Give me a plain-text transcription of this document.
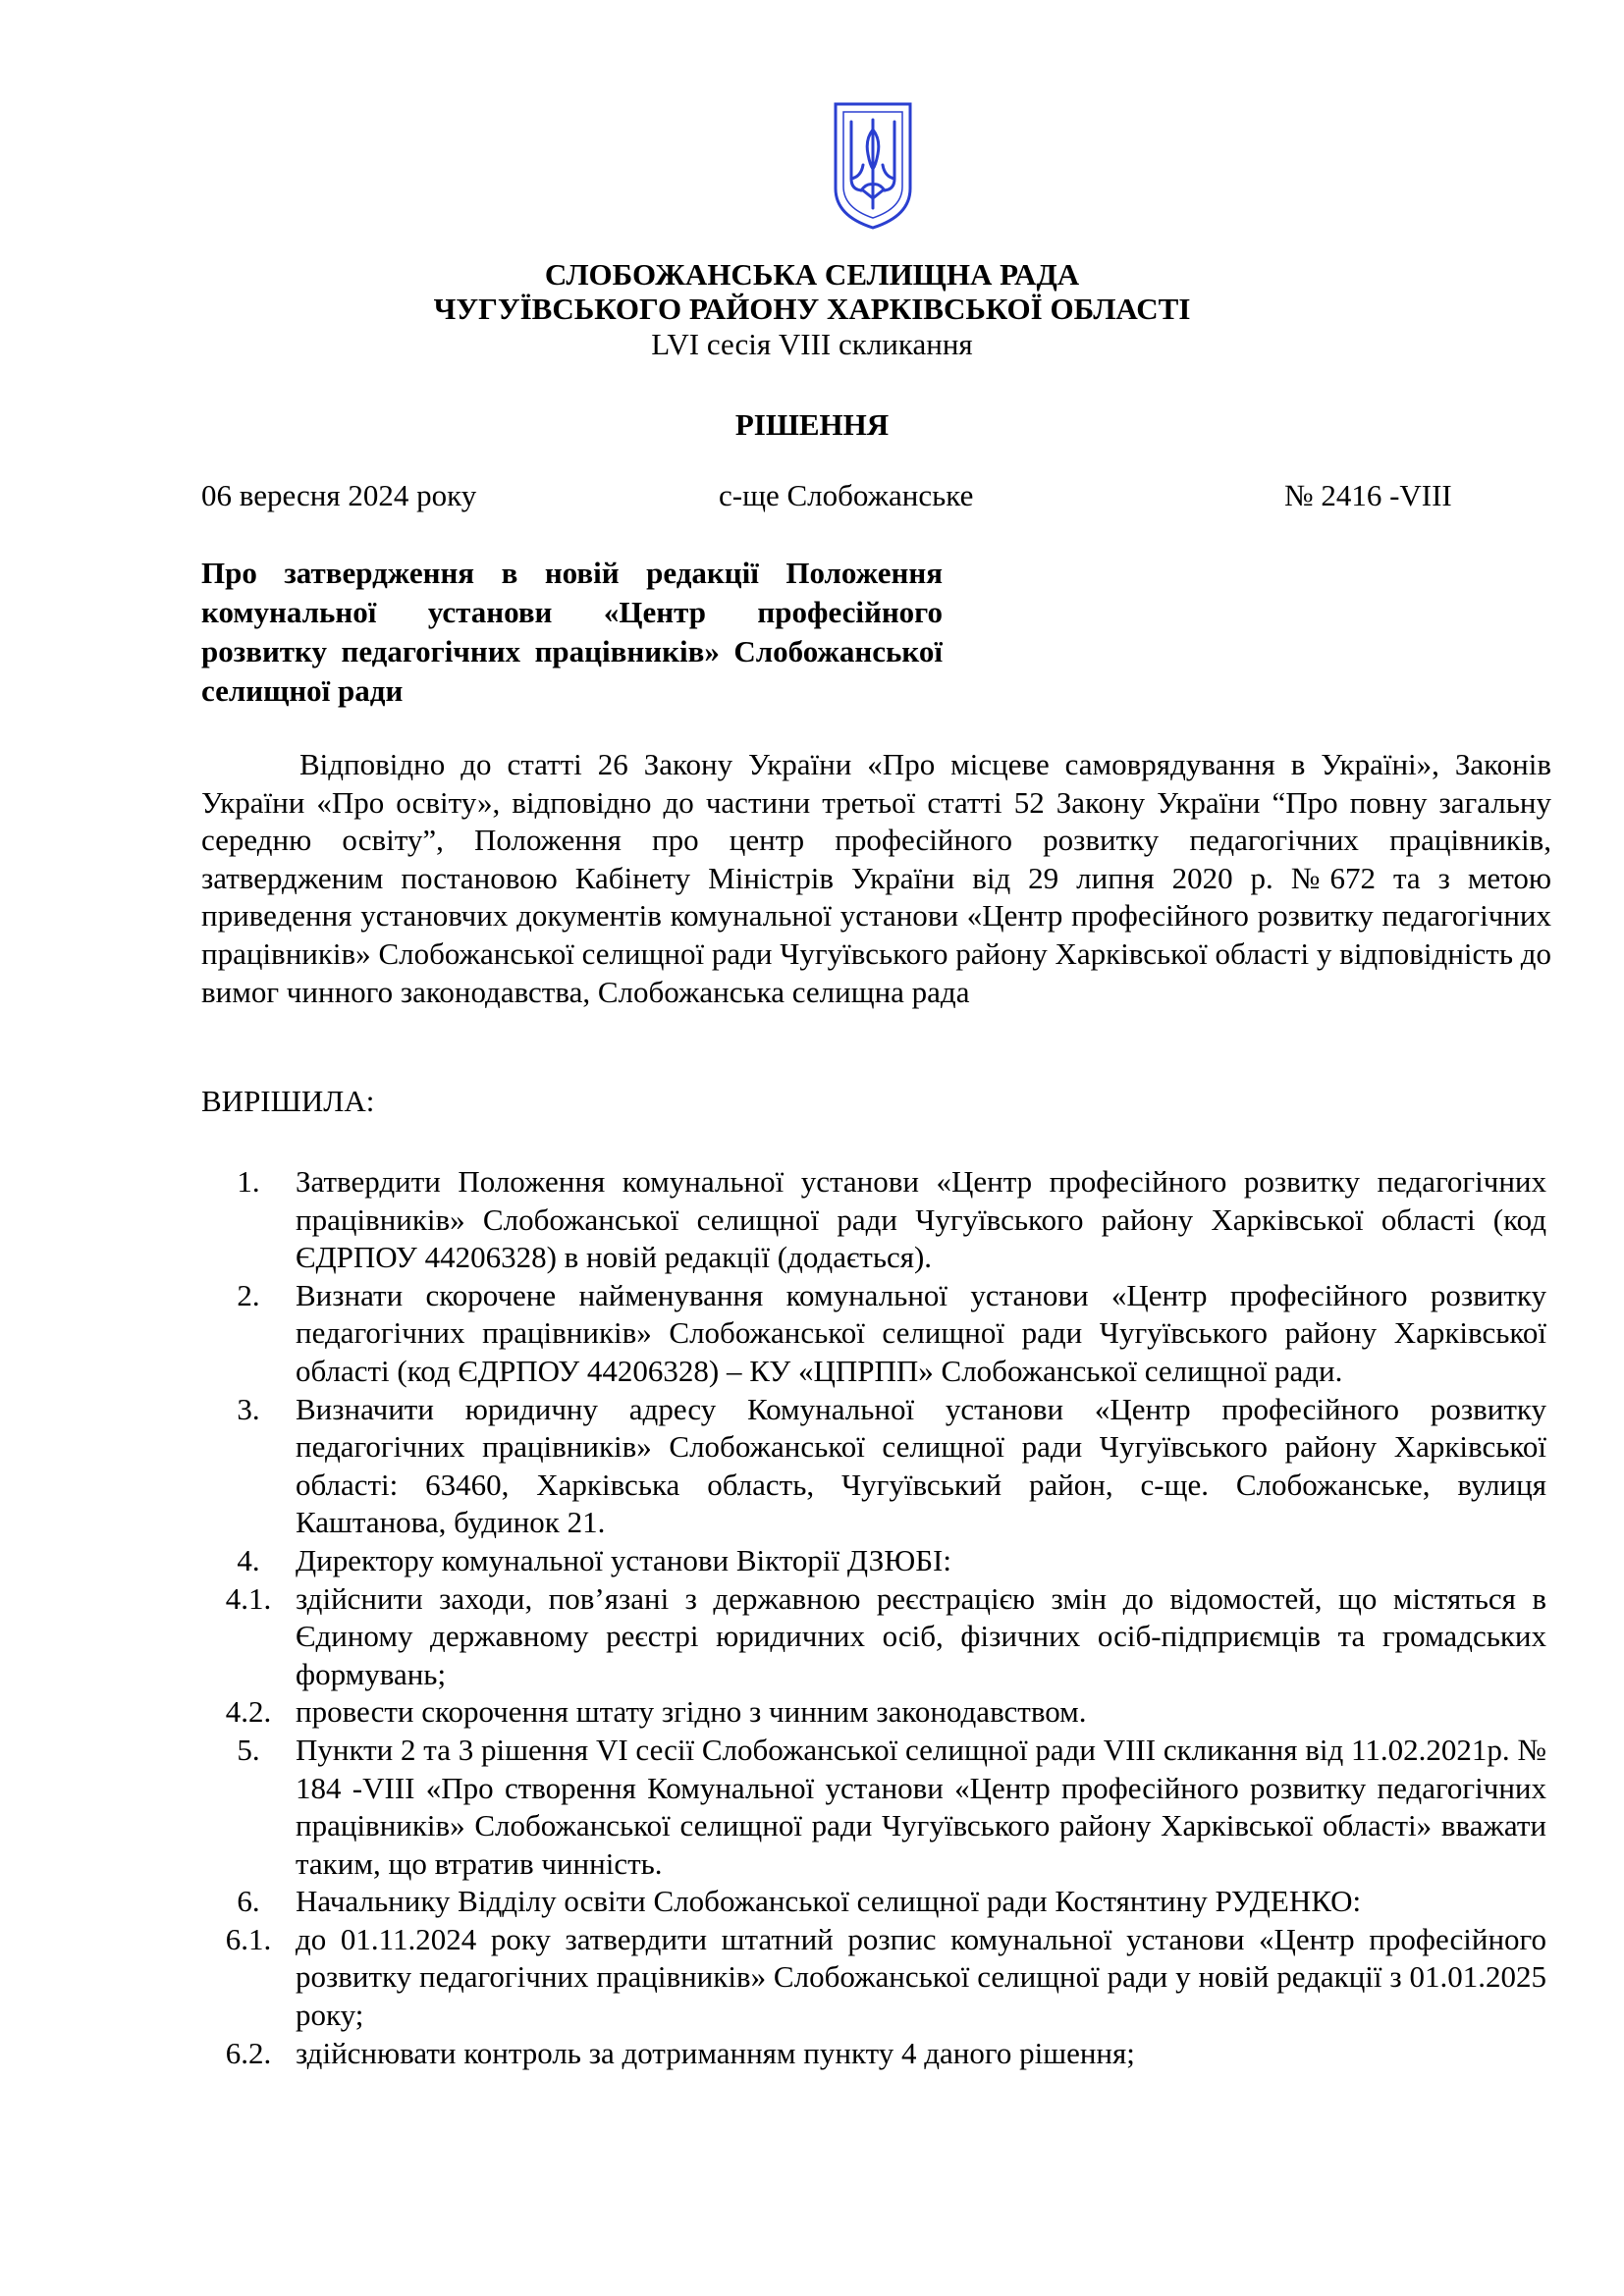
СЛОБОЖАНСЬКА СЕЛИЩНА РАДА
ЧУГУЇВСЬКОГО РАЙОНУ ХАРКІВСЬКОЇ ОБЛАСТІ
LVI сесія VIII скликання
РІШЕННЯ
06 вересня 2024 року	с-ще Слобожанське	№ 2416 -VIII
Про затвердження в новій редакції Положення комунальної установи «Центр професійного розвитку педагогічних працівників» Слобожанської селищної ради
Відповідно до статті 26 Закону України «Про місцеве самоврядування в Україні», Законів України «Про освіту», відповідно до частини третьої статті 52 Закону України “Про повну загальну середню освіту”, Положення про центр професійного розвитку педагогічних працівників, затвердженим постановою Кабінету Міністрів України від 29 липня 2020 р. №672 та з метою приведення установчих документів комунальної установи «Центр професійного розвитку педагогічних працівників» Слобожанської селищної ради Чугуївського району Харківської області у відповідність до вимог чинного законодавства, Слобожанська селищна рада
ВИРІШИЛА:
1.	Затвердити Положення комунальної установи «Центр професійного розвитку педагогічних працівників» Слобожанської селищної ради Чугуївського району Харківської області (код ЄДРПОУ 44206328) в новій редакції (додається).
2.	Визнати скорочене найменування комунальної установи «Центр професійного розвитку педагогічних працівників» Слобожанської селищної ради Чугуївського району Харківської області (код ЄДРПОУ 44206328) – КУ «ЦПРПП» Слобожанської селищної ради.
3.	Визначити юридичну адресу Комунальної установи «Центр професійного розвитку педагогічних працівників» Слобожанської селищної ради Чугуївського району Харківської області: 63460, Харківська область, Чугуївський район, с-ще. Слобожанське, вулиця Каштанова, будинок 21.
4.	Директору комунальної установи Вікторії ДЗЮБІ:
4.1. здійснити заходи, пов’язані з державною реєстрацією змін до відомостей, що містяться в Єдиному державному реєстрі юридичних осіб, фізичних осіб-підприємців та громадських формувань;
4.2. провести скорочення штату згідно з чинним законодавством.
5.	Пункти 2 та 3 рішення VI сесії Слобожанської селищної ради VIII скликання від 11.02.2021р. № 184 -VIII «Про створення Комунальної установи «Центр професійного розвитку педагогічних працівників» Слобожанської селищної ради Чугуївського району Харківської області» вважати таким, що втратив чинність.
6.	Начальнику Відділу освіти Слобожанської селищної ради Костянтину РУДЕНКО:
6.1. до 01.11.2024 року затвердити штатний розпис комунальної установи «Центр професійного розвитку педагогічних працівників» Слобожанської селищної ради у новій редакції з 01.01.2025 року;
6.2. здійснювати контроль за дотриманням пункту 4 даного рішення;
